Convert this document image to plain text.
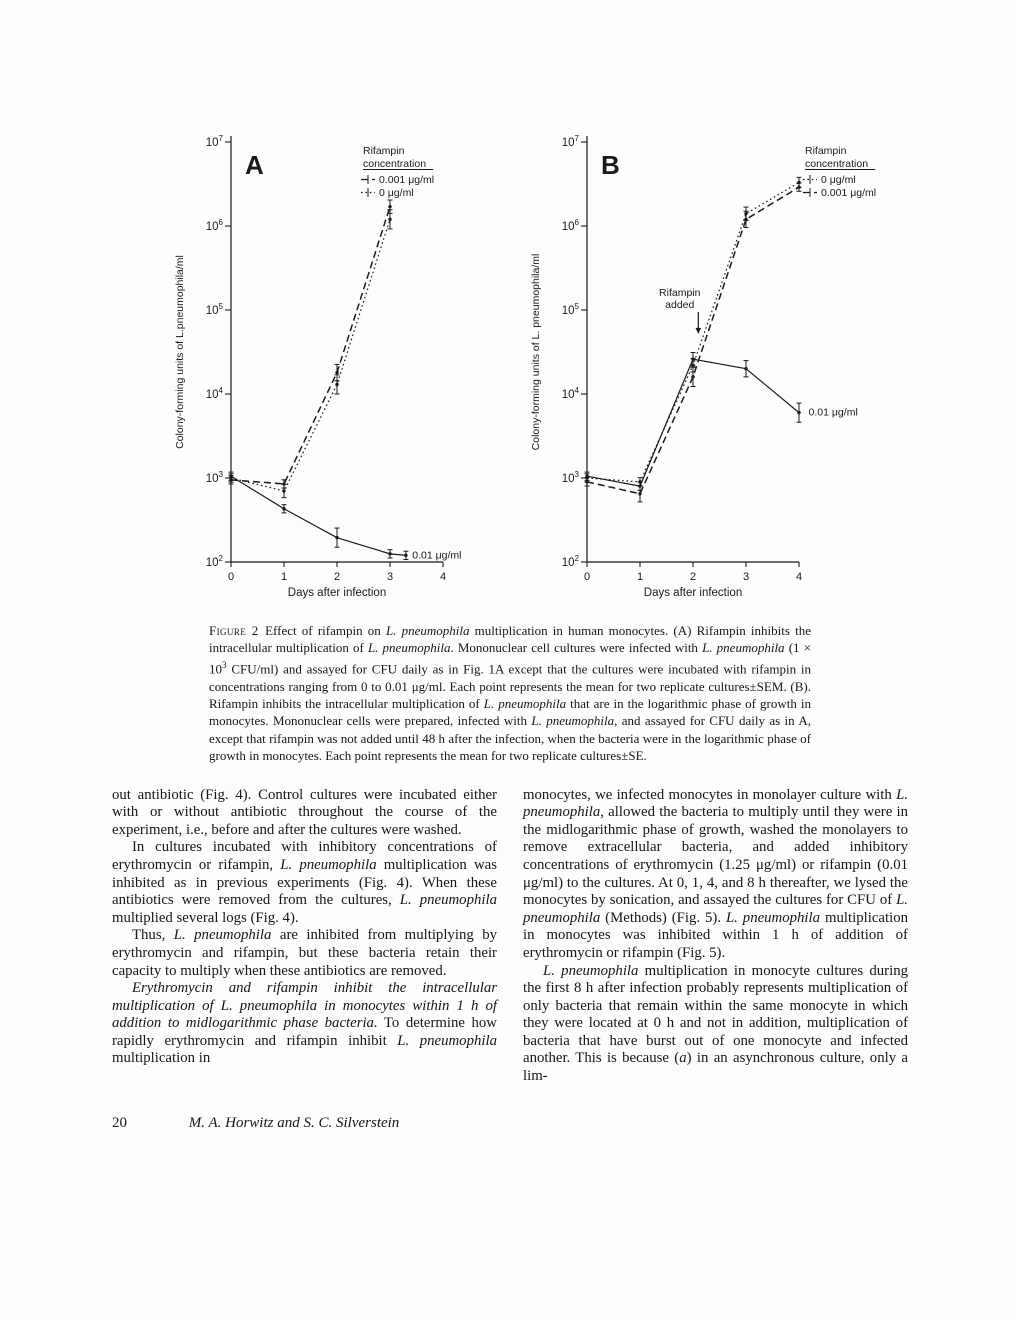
$10^2$
$10^3$
$10^4$
$10^5$
$10^6$
$10^7$
0	1	2	3	4
Days after infection
Colony-forming units of L.pneumophila/ml
A	Rifampin
concentration
0.001 μg/ml
0 μg/ml
0.01 μg/ml
$10^2$
$10^3$
$10^4$
$10^5$
$10^6$
$10^7$
0	1	2	3	4
Days after infection
Colony-forming units of L. pneumophila/ml
B	Rifampin
concentration
0 μg/ml
0.001 μg/ml
Rifampin added
0.01 μg/ml
Figure 2 Effect of rifampin on L. pneumophila multiplication in human monocytes. (A) Rifampin inhibits the intracellular multiplication of L. pneumophila. Mononuclear cell cultures were infected with L. pneumophila ($1 \times 10^3$ CFU/ml) and assayed for CFU daily as in Fig. 1A except that the cultures were incubated with rifampin in concentrations ranging from 0 to 0.01 μg/ml. Each point represents the mean for two replicate cultures±SEM. (B). Rifampin inhibits the intracellular multiplication of L. pneumophila that are in the logarithmic phase of growth in monocytes. Mononuclear cells were prepared, infected with L. pneumophila, and assayed for CFU daily as in A, except that rifampin was not added until 48 h after the infection, when the bacteria were in the logarithmic phase of growth in monocytes. Each point represents the mean for two replicate cultures±SE.

out antibiotic (Fig. 4). Control cultures were incubated either with or without antibiotic throughout the course of the experiment, i.e., before and after the cultures were washed.

In cultures incubated with inhibitory concentrations of erythromycin or rifampin, L. pneumophila multiplication was inhibited as in previous experiments (Fig. 4). When these antibiotics were removed from the cultures, L. pneumophila multiplied several logs (Fig. 4).

Thus, L. pneumophila are inhibited from multiplying by erythromycin and rifampin, but these bacteria retain their capacity to multiply when these antibiotics are removed.

Erythromycin and rifampin inhibit the intracellular multiplication of L. pneumophila in monocytes within 1 h of addition to midlogarithmic phase bacteria. To determine how rapidly erythromycin and rifampin inhibit L. pneumophila multiplication in

monocytes, we infected monocytes in monolayer culture with L. pneumophila, allowed the bacteria to multiply until they were in the midlogarithmic phase of growth, washed the monolayers to remove extracellular bacteria, and added inhibitory concentrations of erythromycin (1.25 μg/ml) or rifampin (0.01 μg/ml) to the cultures. At 0, 1, 4, and 8 h thereafter, we lysed the monocytes by sonication, and assayed the cultures for CFU of L. pneumophila (Methods) (Fig. 5). L. pneumophila multiplication in monocytes was inhibited within 1 h of addition of erythromycin or rifampin (Fig. 5).

L. pneumophila multiplication in monocyte cultures during the first 8 h after infection probably represents multiplication of only bacteria that remain within the same monocyte in which they were located at 0 h and not in addition, multiplication of bacteria that have burst out of one monocyte and infected another. This is because (a) in an asynchronous culture, only a lim-

20	M. A. Horwitz and S. C. Silverstein
